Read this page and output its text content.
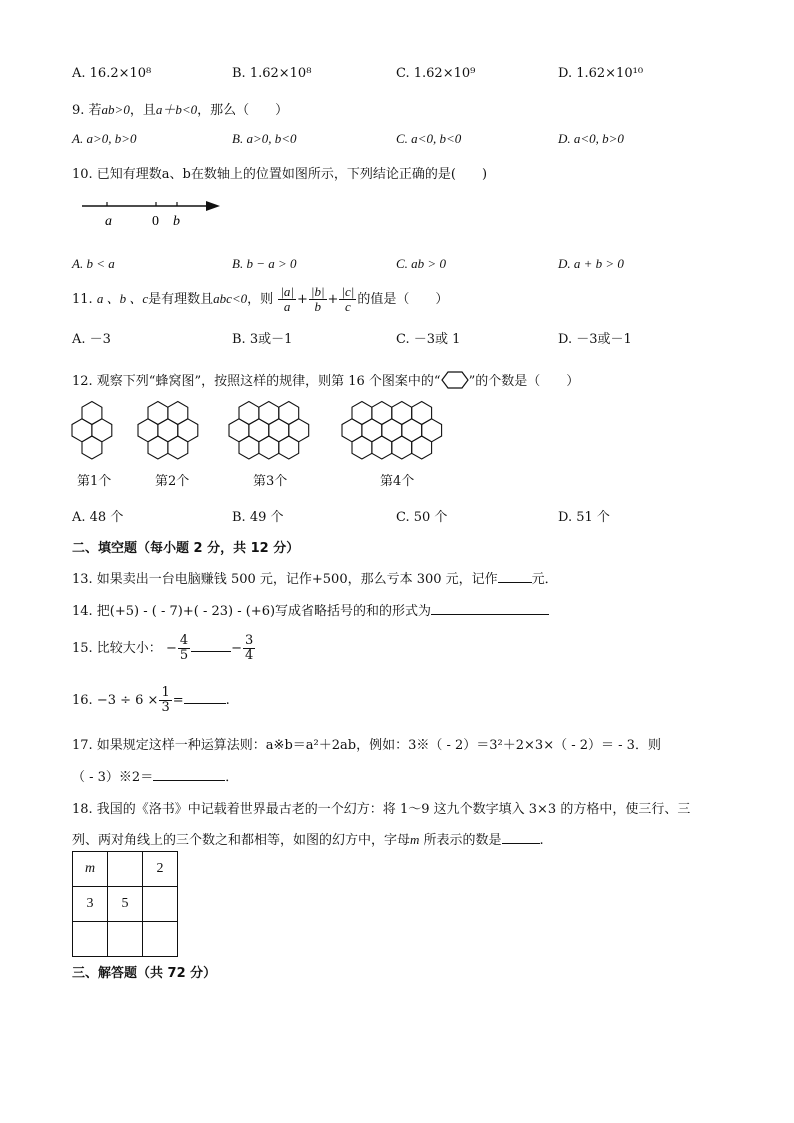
A. 16.2×10⁸	B. 1.62×10⁸	C. 1.62×10⁹	D. 1.62×10¹⁰
9. 若ab>0，且a＋b<0，那么（　　）
A. a>0, b>0	B. a>0, b<0	C. a<0, b<0	D. a<0, b>0
10. 已知有理数a、b在数轴上的位置如图所示，下列结论正确的是(　　)
a	0 b
A. b < a	B. b − a > 0	C. ab > 0	D. a + b > 0
11. a 、b 、c是有理数且abc<0，则 $\frac{|a|}{a} + \frac{|b|}{b} + \frac{|c|}{c}$ 的值是（　　）
A. －3	B. 3或－1	C. －3或 1	D. －3或－1
12. 观察下列“蜂窝图”，按照这样的规律，则第 16 个图案中的“ ”的个数是（　　）
第1个	第2个	第3个	第4个
A. 48 个	B. 49 个	C. 50 个	D. 51 个
二、填空题（每小题 2 分，共 12 分）
13. 如果卖出一台电脑赚钱 500 元，记作+500，那么亏本 300 元，记作	元．
14. 把(+5) - ( - 7)+( - 23) - (+6)写成省略括号的和的形式为
15. 比较大小： − $\frac{4}{5}$	− $\frac{3}{4}$
16. $-3 \div 6 \times \frac{1}{3}$ =	.
17. 如果规定这样一种运算法则：a※b＝a²＋2ab，例如：3※（ - 2）＝3²＋2×3×（ - 2）＝ - 3．则
（ - 3）※2＝	．
18. 我国的《洛书》中记载着世界最古老的一个幻方：将 1～9 这九个数字填入 3×3 的方格中，使三行、三
列、两对角线上的三个数之和都相等，如图的幻方中，字母m 所表示的数是	.
m		2
3	5	

三、解答题（共 72 分）
